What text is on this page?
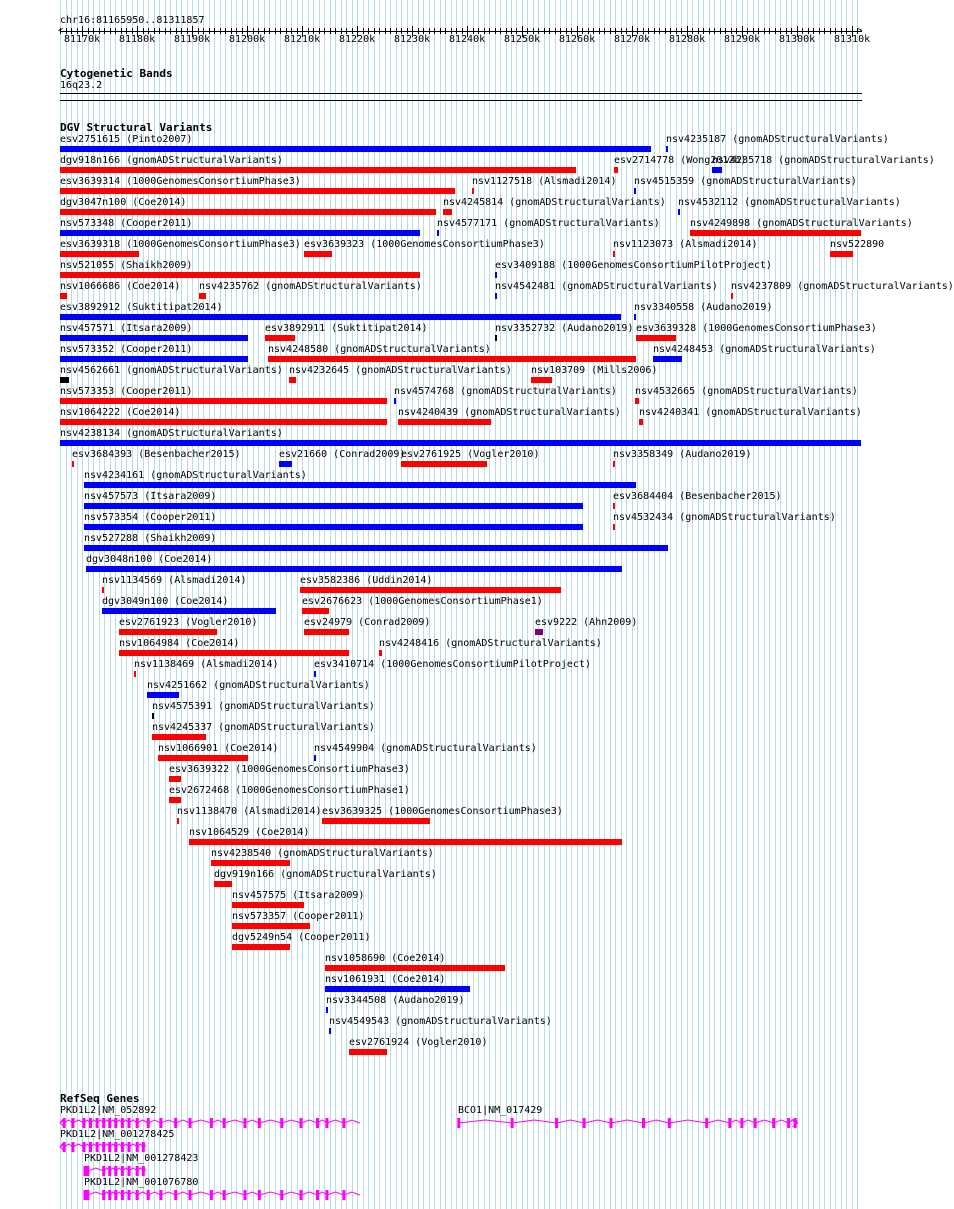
chr16:81165950..81311857
81170k 81180k 81190k 81200k 81210k 81220k 81230k 81240k 81250k 81260k 81270k 81280k 81290k 81300k 81310k
<	>
Cytogenetic Bands
16q23.2
DGV Structural Variants
esv2751615 (Pinto2007)	nsv4235187 (gnomADStructuralVariants)
dgv918n166 (gnomADStructuralVariants)	esv2714778 (Wong2012b)
nsv4235718 (gnomADStructuralVariants)
esv3639314 (1000GenomesConsortiumPhase3)	nsv1127518 (Alsmadi2014) nsv4515359 (gnomADStructuralVariants)
dgv3047n100 (Coe2014)	nsv4245814 (gnomADStructuralVariants) nsv4532112 (gnomADStructuralVariants)
nsv573348 (Cooper2011)	nsv4577171 (gnomADStructuralVariants)	nsv4249898 (gnomADStructuralVariants)
esv3639318 (1000GenomesConsortiumPhase3) esv3639323 (1000GenomesConsortiumPhase3)	nsv1123073 (Alsmadi2014)	nsv522890
nsv521055 (Shaikh2009)	esv3409188 (1000GenomesConsortiumPilotProject)
nsv1066686 (Coe2014) nsv4235762 (gnomADStructuralVariants)	nsv4542481 (gnomADStructuralVariants) nsv4237809 (gnomADStructuralVariants)
esv3892912 (Suktitipat2014)	nsv3340558 (Audano2019)
nsv457571 (Itsara2009)	esv3892911 (Suktitipat2014)	nsv3352732 (Audano2019) esv3639328 (1000GenomesConsortiumPhase3)
nsv573352 (Cooper2011)	nsv4248580 (gnomADStructuralVariants)	nsv4248453 (gnomADStructuralVariants)
nsv4562661 (gnomADStructuralVariants) nsv4232645 (gnomADStructuralVariants) nsv103709 (Mills2006)
nsv573353 (Cooper2011)	nsv4574768 (gnomADStructuralVariants) nsv4532665 (gnomADStructuralVariants)
nsv1064222 (Coe2014)	nsv4240439 (gnomADStructuralVariants) nsv4240341 (gnomADStructuralVariants)
nsv4238134 (gnomADStructuralVariants)
esv3684393 (Besenbacher2015)	esv21660 (Conrad2009)
esv2761925 (Vogler2010)	nsv3358349 (Audano2019)
nsv4234161 (gnomADStructuralVariants)
nsv457573 (Itsara2009)	esv3684404 (Besenbacher2015)
nsv573354 (Cooper2011)	nsv4532434 (gnomADStructuralVariants)
nsv527288 (Shaikh2009)
dgv3048n100 (Coe2014)
nsv1134569 (Alsmadi2014)	esv3582386 (Uddin2014)
dgv3049n100 (Coe2014)	esv2676623 (1000GenomesConsortiumPhase1)
esv2761923 (Vogler2010)	esv24979 (Conrad2009)	esv9222 (Ahn2009)
nsv1064984 (Coe2014)	nsv4248416 (gnomADStructuralVariants)
nsv1138469 (Alsmadi2014)	esv3410714 (1000GenomesConsortiumPilotProject)
nsv4251662 (gnomADStructuralVariants)
nsv4575391 (gnomADStructuralVariants)
nsv4245337 (gnomADStructuralVariants)
nsv1066901 (Coe2014)	nsv4549904 (gnomADStructuralVariants)
esv3639322 (1000GenomesConsortiumPhase3)
esv2672468 (1000GenomesConsortiumPhase1)
nsv1138470 (Alsmadi2014) esv3639325 (1000GenomesConsortiumPhase3)
nsv1064529 (Coe2014)
nsv4238540 (gnomADStructuralVariants)
dgv919n166 (gnomADStructuralVariants)
nsv457575 (Itsara2009)
nsv573357 (Cooper2011)
dgv5249n54 (Cooper2011)
nsv1058690 (Coe2014)
nsv1061931 (Coe2014)
nsv3344508 (Audano2019)
nsv4549543 (gnomADStructuralVariants)
esv2761924 (Vogler2010)
RefSeq Genes
PKD1L2|NM_052892	BCO1|NM_017429
PKD1L2|NM_001278425
PKD1L2|NM_001278423
PKD1L2|NM_001076780
